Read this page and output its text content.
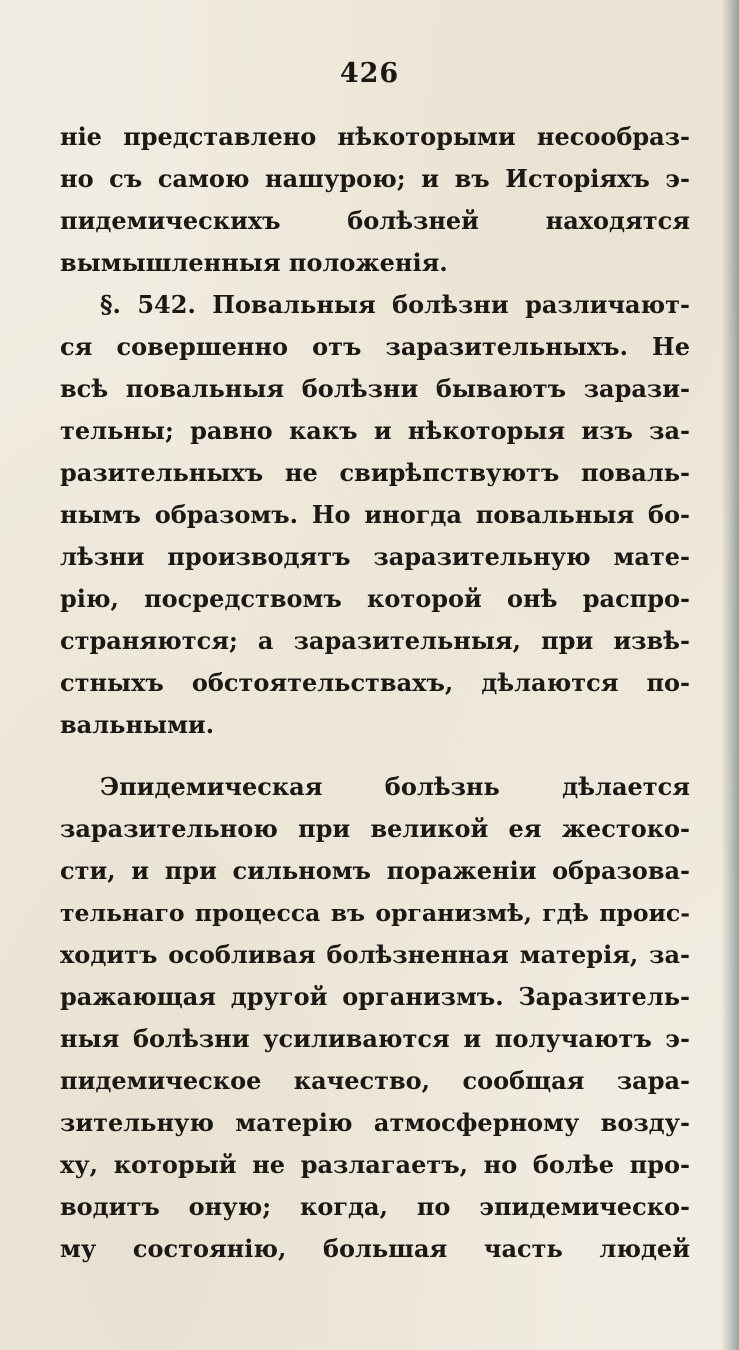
426
ніе представлено нѣкоторыми несообраз-
но съ самою нашурою; и въ Исторіяхъ э-
пидемическихъ болѣзней находятся
вымышленныя положенія.
§. 542. Повальныя болѣзни различают-
ся совершенно отъ заразительныхъ. Не
всѣ повальныя болѣзни бываютъ зарази-
тельны; равно какъ и нѣкоторыя изъ за-
разительныхъ не свирѣпствуютъ поваль-
нымъ образомъ. Но иногда повальныя бо-
лѣзни производятъ заразительную мате-
рію, посредствомъ которой онѣ распро-
страняются; а заразительныя, при извѣ-
стныхъ обстоятельствахъ, дѣлаются по-
вальными.
Эпидемическая болѣзнь дѣлается
заразительною при великой ея жестоко-
сти, и при сильномъ пораженіи образова-
тельнаго процесса въ организмѣ, гдѣ проис-
ходитъ особливая болѣзненная матерія, за-
ражающая другой организмъ. Заразитель-
ныя болѣзни усиливаются и получаютъ э-
пидемическое качество, сообщая зара-
зительную матерію атмосферному возду-
ху, который не разлагаетъ, но болѣе про-
водитъ оную; когда, по эпидемическо-
му состоянію, большая часть людей
